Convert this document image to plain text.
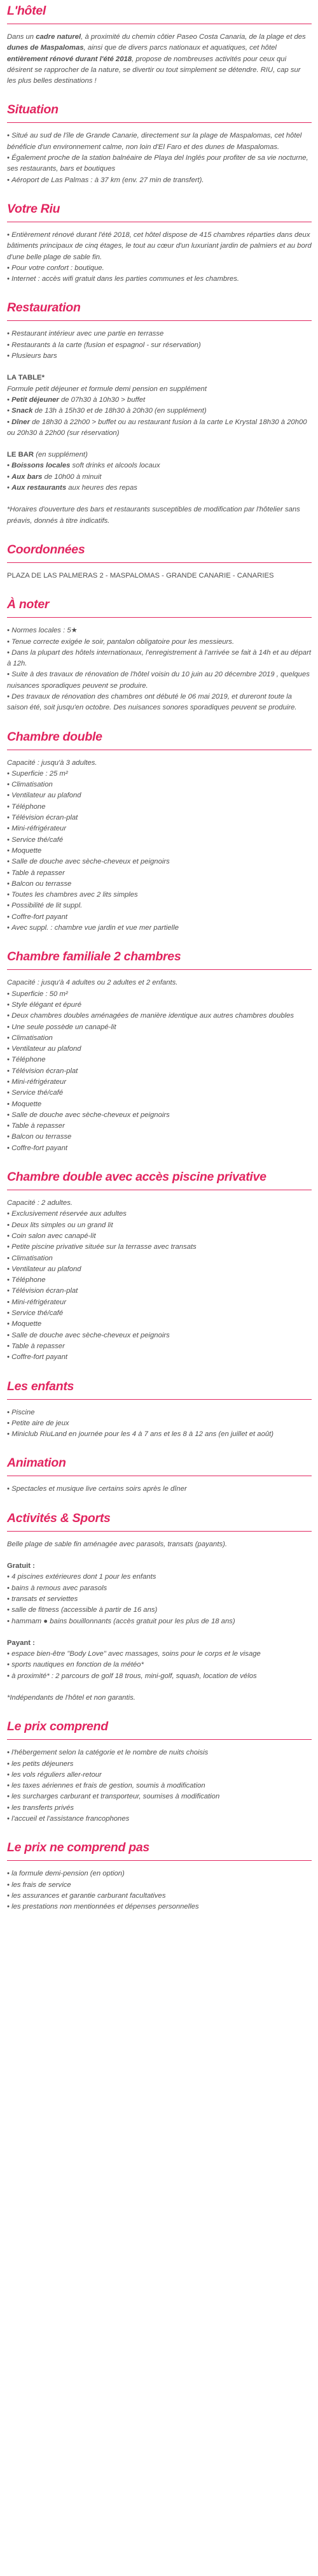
L'hôtel

Dans un cadre naturel, à proximité du chemin côtier Paseo Costa Canaria, de la plage et des dunes de Maspalomas, ainsi que de divers parcs nationaux et aquatiques, cet hôtel entièrement rénové durant l'été 2018, propose de nombreuses activités pour ceux qui désirent se rapprocher de la nature, se divertir ou tout simplement se détendre. RIU, cap sur les plus belles destinations !

Situation

• Situé au sud de l'île de Grande Canarie, directement sur la plage de Maspalomas, cet hôtel bénéficie d'un environnement calme, non loin d'El Faro et des dunes de Maspalomas.

• Également proche de la station balnéaire de Playa del Inglés pour profiter de sa vie nocturne, ses restaurants, bars et boutiques

• Aéroport de Las Palmas : à 37 km (env. 27 min de transfert).

Votre Riu

• Entièrement rénové durant l'été 2018, cet hôtel dispose de 415 chambres réparties dans deux bâtiments principaux de cinq étages, le tout au cœur d'un luxuriant jardin de palmiers et au bord d'une belle plage de sable fin.

• Pour votre confort : boutique.

• Internet : accès wifi gratuit dans les parties communes et les chambres.

Restauration

• Restaurant intérieur avec une partie en terrasse

• Restaurants à la carte (fusion et espagnol - sur réservation)

• Plusieurs bars

LA TABLE*

Formule petit déjeuner et formule demi pension en supplément

• Petit déjeuner de 07h30 à 10h30 > buffet

• Snack de 13h à 15h30 et de 18h30 à 20h30 (en supplément)

• Dîner de 18h30 à 22h00 > buffet ou au restaurant fusion à la carte Le Krystal 18h30 à 20h00 ou 20h30 à 22h00 (sur réservation)

LE BAR (en supplément)

• Boissons locales soft drinks et alcools locaux

• Aux bars de 10h00 à minuit

• Aux restaurants aux heures des repas

*Horaires d'ouverture des bars et restaurants susceptibles de modification par l'hôtelier sans préavis, donnés à titre indicatifs.

Coordonnées

PLAZA DE LAS PALMERAS 2 - MASPALOMAS - GRANDE CANARIE - CANARIES

À noter

• Normes locales : 5★

• Tenue correcte exigée le soir, pantalon obligatoire pour les messieurs.

• Dans la plupart des hôtels internationaux, l'enregistrement à l'arrivée se fait à 14h et au départ à 12h.

• Suite à des travaux de rénovation de l'hôtel voisin du 10 juin au 20 décembre 2019 , quelques nuisances sporadiques peuvent se produire.

• Des travaux de rénovation des chambres ont débuté le 06 mai 2019, et dureront toute la saison été, soit jusqu'en octobre. Des nuisances sonores sporadiques peuvent se produire.

Chambre double

Capacité : jusqu'à 3 adultes.

• Superficie : 25 m²

• Climatisation

• Ventilateur au plafond

• Téléphone

• Télévision écran-plat

• Mini-réfrigérateur

• Service thé/café

• Moquette

• Salle de douche avec sèche-cheveux et peignoirs

• Table à repasser

• Balcon ou terrasse

• Toutes les chambres avec 2 lits simples

• Possibilité de lit suppl.

• Coffre-fort payant

• Avec suppl. : chambre vue jardin et vue mer partielle

Chambre familiale 2 chambres

Capacité : jusqu'à 4 adultes ou 2 adultes et 2 enfants.

• Superficie : 50 m²

• Style élégant et épuré

• Deux chambres doubles aménagées de manière identique aux autres chambres doubles

• Une seule possède un canapé-lit

• Climatisation

• Ventilateur au plafond

• Téléphone

• Télévision écran-plat

• Mini-réfrigérateur

• Service thé/café

• Moquette

• Salle de douche avec sèche-cheveux et peignoirs

• Table à repasser

• Balcon ou terrasse

• Coffre-fort payant

Chambre double avec accès piscine privative

Capacité : 2 adultes.

• Exclusivement réservée aux adultes

• Deux lits simples ou un grand lit

• Coin salon avec canapé-lit

• Petite piscine privative située sur la terrasse avec transats

• Climatisation

• Ventilateur au plafond

• Téléphone

• Télévision écran-plat

• Mini-réfrigérateur

• Service thé/café

• Moquette

• Salle de douche avec sèche-cheveux et peignoirs

• Table à repasser

• Coffre-fort payant

Les enfants

• Piscine

• Petite aire de jeux

• Miniclub RiuLand en journée pour les 4 à 7 ans et les 8 à 12 ans (en juillet et août)

Animation

• Spectacles et musique live certains soirs après le dîner

Activités & Sports

Belle plage de sable fin aménagée avec parasols, transats (payants).

Gratuit :

• 4 piscines extérieures dont 1 pour les enfants

• bains à remous avec parasols

• transats et serviettes

• salle de fitness (accessible à partir de 16 ans)

• hammam ● bains bouillonnants (accès gratuit pour les plus de 18 ans)

Payant :

• espace bien-être "Body Love" avec massages, soins pour le corps et le visage

• sports nautiques en fonction de la météo*

• à proximité* : 2 parcours de golf 18 trous, mini-golf, squash, location de vélos

*Indépendants de l'hôtel et non garantis.

Le prix comprend

• l'hébergement selon la catégorie et le nombre de nuits choisis

• les petits déjeuners

• les vols réguliers aller-retour

• les taxes aériennes et frais de gestion, soumis à modification

• les surcharges carburant et transporteur, soumises à modification

• les transferts privés

• l'accueil et l'assistance francophones

Le prix ne comprend pas

• la formule demi-pension (en option)

• les frais de service

• les assurances et garantie carburant facultatives

• les prestations non mentionnées et dépenses personnelles
